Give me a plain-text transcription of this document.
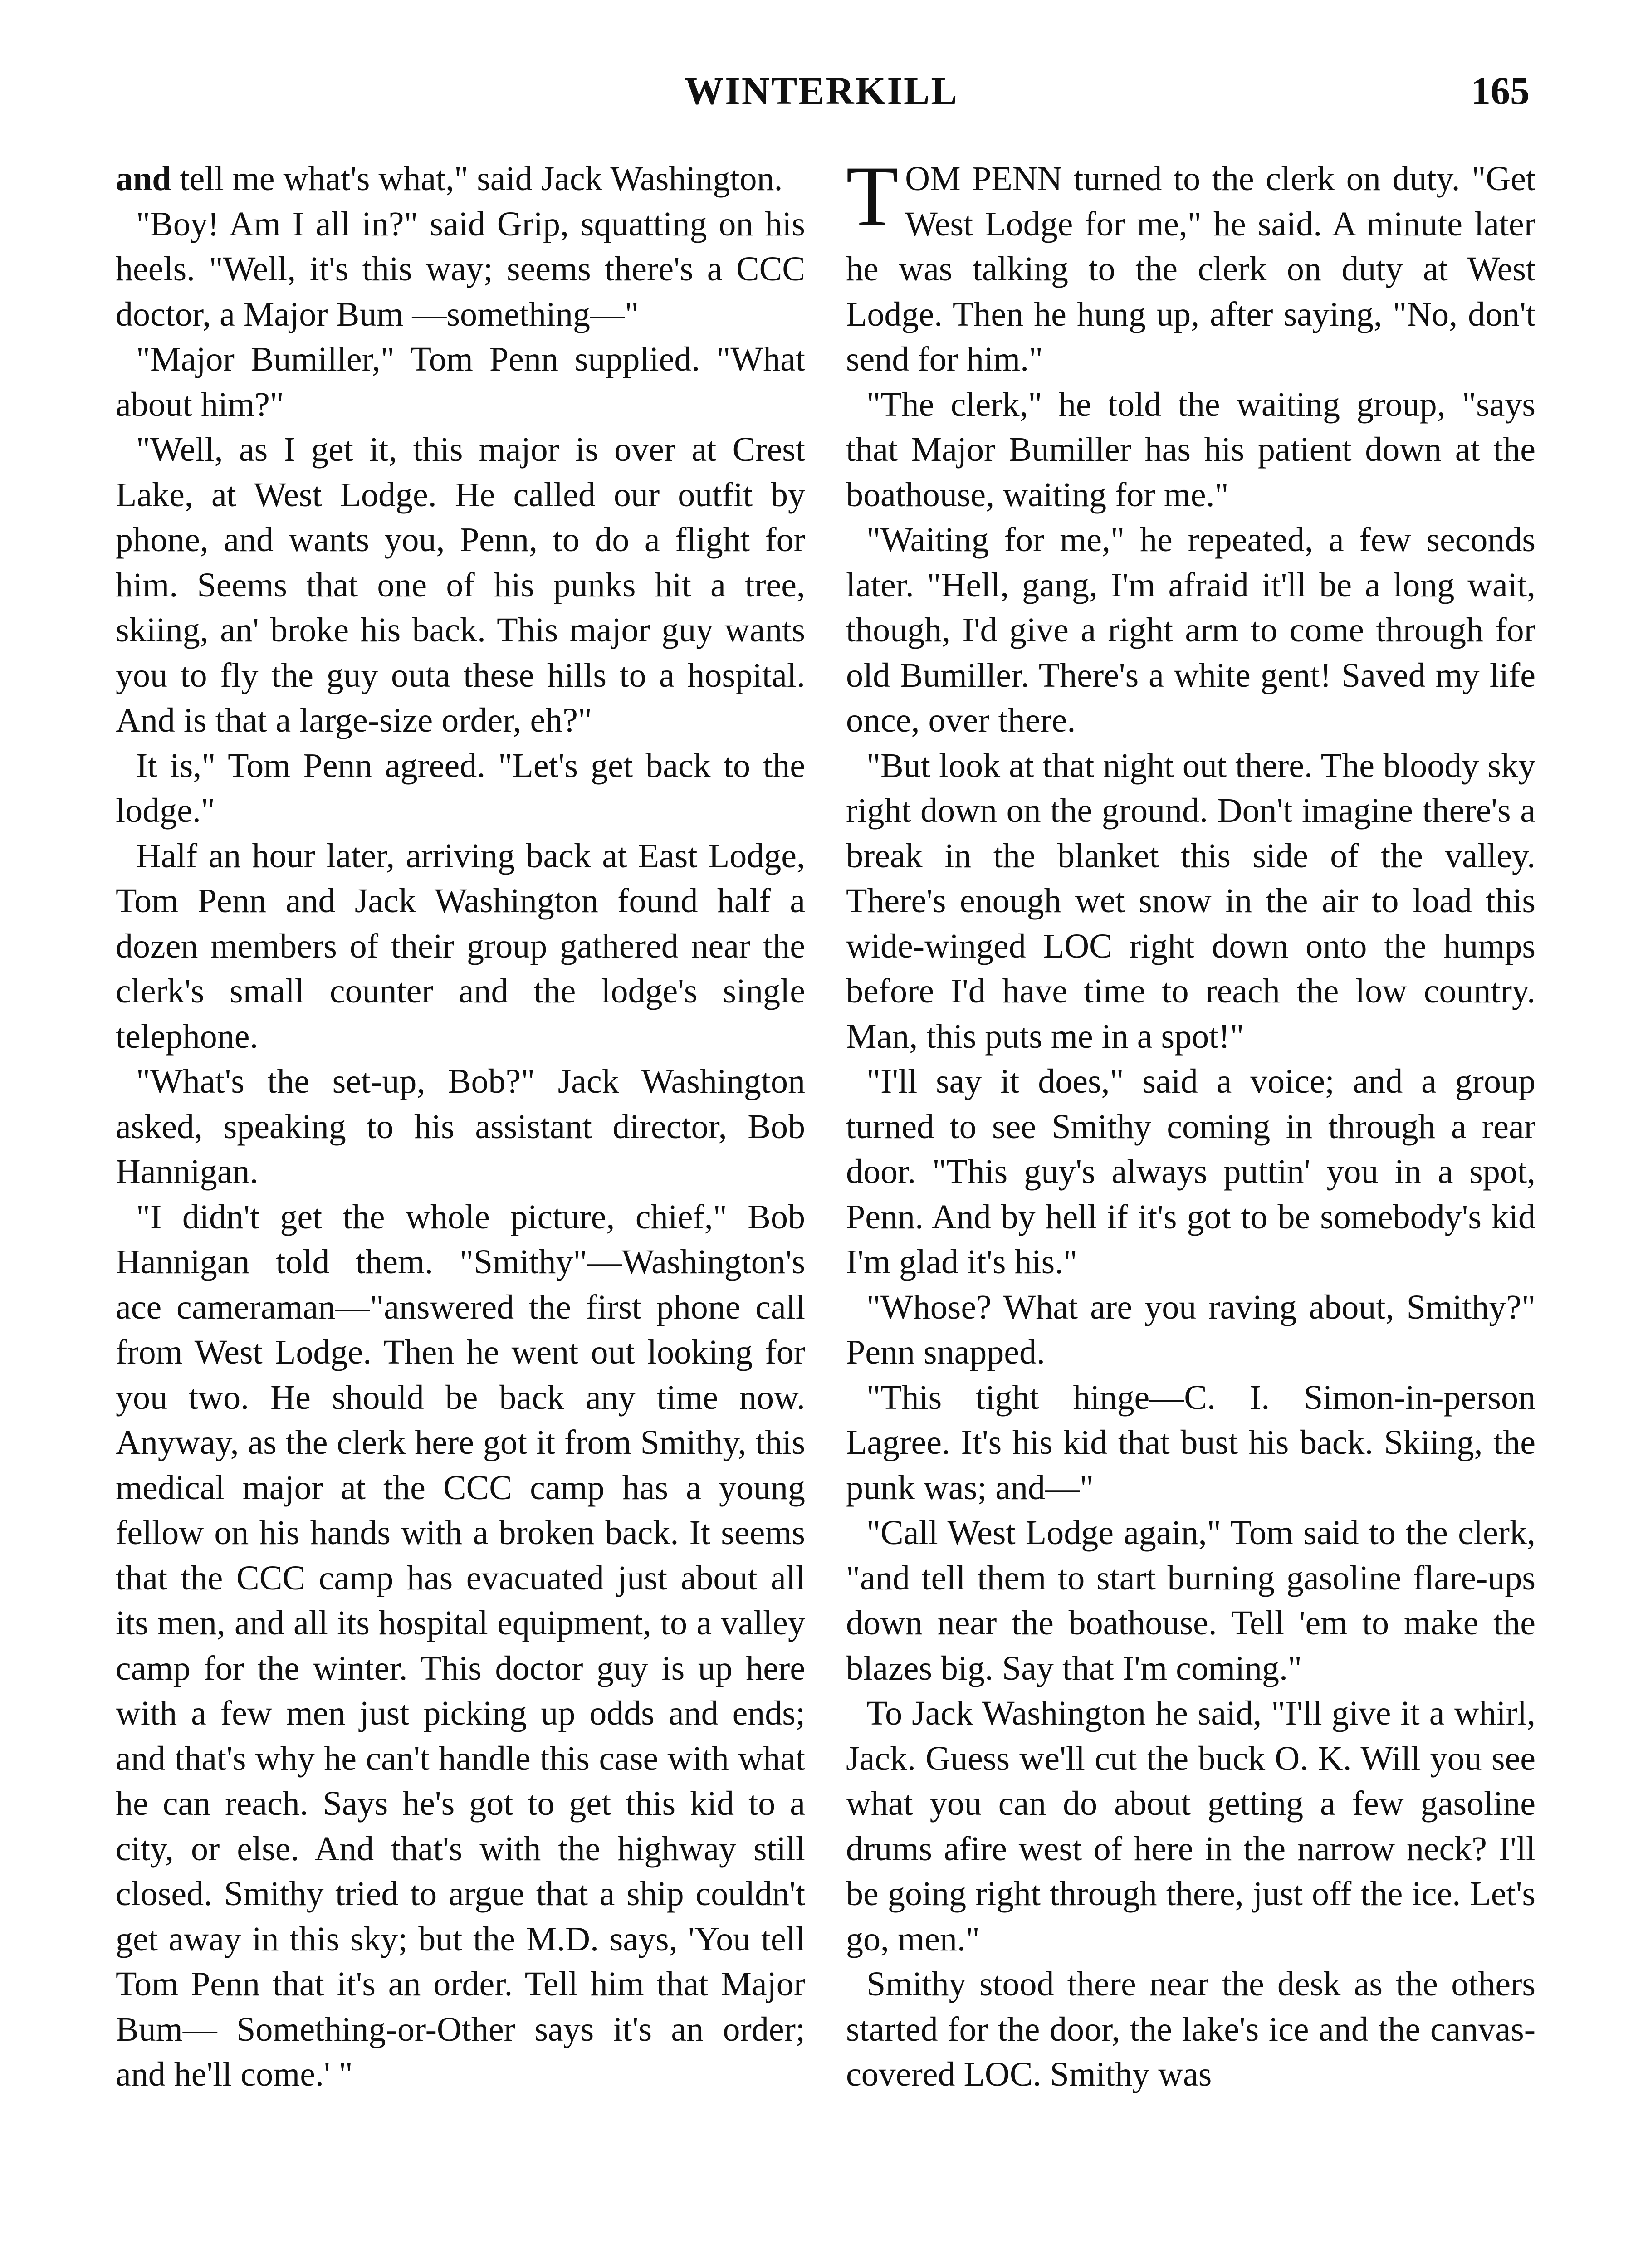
WINTERKILL	165

and tell me what's what," said Jack Washington.

"Boy! Am I all in?" said Grip, squatting on his heels. "Well, it's this way; seems there's a CCC doctor, a Major Bum —something—"

"Major Bumiller," Tom Penn supplied. "What about him?"

"Well, as I get it, this major is over at Crest Lake, at West Lodge. He called our outfit by phone, and wants you, Penn, to do a flight for him. Seems that one of his punks hit a tree, skiing, an' broke his back. This major guy wants you to fly the guy outa these hills to a hospital. And is that a large-size order, eh?"

It is," Tom Penn agreed. "Let's get back to the lodge."

Half an hour later, arriving back at East Lodge, Tom Penn and Jack Washington found half a dozen members of their group gathered near the clerk's small counter and the lodge's single telephone.

"What's the set-up, Bob?" Jack Washington asked, speaking to his assistant director, Bob Hannigan.

"I didn't get the whole picture, chief," Bob Hannigan told them. "Smithy"—Washington's ace cameraman—"answered the first phone call from West Lodge. Then he went out looking for you two. He should be back any time now. Anyway, as the clerk here got it from Smithy, this medical major at the CCC camp has a young fellow on his hands with a broken back. It seems that the CCC camp has evacuated just about all its men, and all its hospital equipment, to a valley camp for the winter. This doctor guy is up here with a few men just picking up odds and ends; and that's why he can't handle this case with what he can reach. Says he's got to get this kid to a city, or else. And that's with the highway still closed. Smithy tried to argue that a ship couldn't get away in this sky; but the M.D. says, 'You tell Tom Penn that it's an order. Tell him that Major Bum— Something-or-Other says it's an order; and he'll come.' "

TOM PENN turned to the clerk on duty. "Get West Lodge for me," he said. A minute later he was talking to the clerk on duty at West Lodge. Then he hung up, after saying, "No, don't send for him."

"The clerk," he told the waiting group, "says that Major Bumiller has his patient down at the boathouse, waiting for me."

"Waiting for me," he repeated, a few seconds later. "Hell, gang, I'm afraid it'll be a long wait, though, I'd give a right arm to come through for old Bumiller. There's a white gent! Saved my life once, over there.

"But look at that night out there. The bloody sky right down on the ground. Don't imagine there's a break in the blanket this side of the valley. There's enough wet snow in the air to load this wide-winged LOC right down onto the humps before I'd have time to reach the low country. Man, this puts me in a spot!"

"I'll say it does," said a voice; and a group turned to see Smithy coming in through a rear door. "This guy's always puttin' you in a spot, Penn. And by hell if it's got to be somebody's kid I'm glad it's his."

"Whose? What are you raving about, Smithy?" Penn snapped.

"This tight hinge—C. I. Simon-in-person Lagree. It's his kid that bust his back. Skiing, the punk was; and—"

"Call West Lodge again," Tom said to the clerk, "and tell them to start burning gasoline flare-ups down near the boathouse. Tell 'em to make the blazes big. Say that I'm coming."

To Jack Washington he said, "I'll give it a whirl, Jack. Guess we'll cut the buck O. K. Will you see what you can do about getting a few gasoline drums afire west of here in the narrow neck? I'll be going right through there, just off the ice. Let's go, men."

Smithy stood there near the desk as the others started for the door, the lake's ice and the canvas-covered LOC. Smithy was
